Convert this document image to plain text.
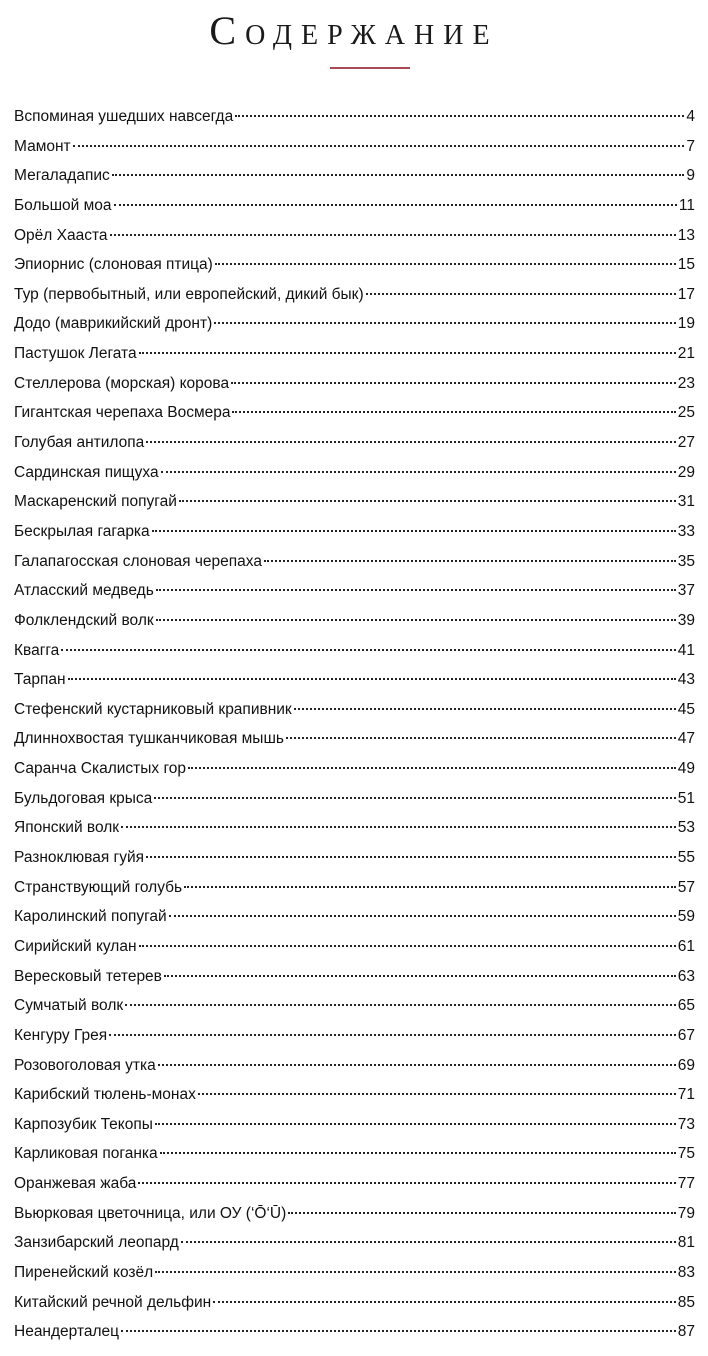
Содержание
Вспоминая ушедших навсегда	4
Мамонт	7
Мегаладапис	9
Большой моа	11
Орёл Хааста	13
Эпиорнис (слоновая птица)	15
Тур (первобытный, или европейский, дикий бык)	17
Додо (маврикийский дронт)	19
Пастушок Легата	21
Стеллерова (морская) корова	23
Гигантская черепаха Восмера	25
Голубая антилопа	27
Сардинская пищуха	29
Маскаренский попугай	31
Бескрылая гагарка	33
Галапагосская слоновая черепаха	35
Атласский медведь	37
Фолклендский волк	39
Квагга	41
Тарпан	43
Стефенский кустарниковый крапивник	45
Длиннохвостая тушканчиковая мышь	47
Саранча Скалистых гор	49
Бульдоговая крыса	51
Японский волк	53
Разноклювая гуйя	55
Странствующий голубь	57
Каролинский попугай	59
Сирийский кулан	61
Вересковый тетерев	63
Сумчатый волк	65
Кенгуру Грея	67
Розовоголовая утка	69
Карибский тюлень-монах	71
Карпозубик Текопы	73
Карликовая поганка	75
Оранжевая жаба	77
Вьюрковая цветочница, или ОУ (‘Ō‘Ū)	79
Занзибарский леопард	81
Пиренейский козёл	83
Китайский речной дельфин	85
Неандерталец	87
